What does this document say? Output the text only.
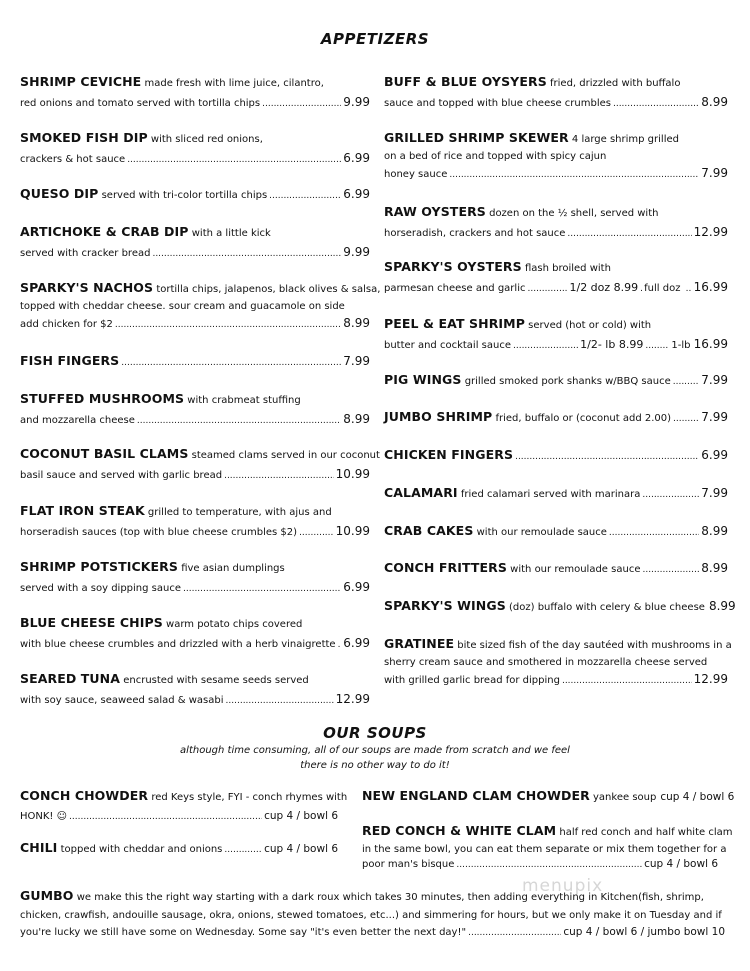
APPETIZERS
SHRIMP CEVICHE made fresh with lime juice, cilantro,
red onions and tomato served with tortilla chips .....	9.99
SMOKED FISH DIP with sliced red onions,
crackers & hot sauce .....	6.99
QUESO DIP
served with tri-color tortilla chips .....	6.99
ARTICHOKE & CRAB DIP with a little kick
served with cracker bread .....	9.99
SPARKY'S NACHOS tortilla chips, jalapenos, black olives & salsa,
topped with cheddar cheese. sour cream and guacamole on side
add chicken for $2 .....	8.99
FISH FINGERS .....	7.99
STUFFED MUSHROOMS with crabmeat stuffing
and mozzarella cheese .....	8.99
COCONUT BASIL CLAMS steamed clams served in our coconut
basil sauce and served with garlic bread .....	10.99
FLAT IRON STEAK grilled to temperature, with ajus and
horseradish sauces (top with blue cheese crumbles $2) .....	10.99
SHRIMP POTSTICKERS five asian dumplings
served with a soy dipping sauce .....	6.99
BLUE CHEESE CHIPS warm potato chips covered
with blue cheese crumbles and drizzled with a herb vinaigrette ..... 6.99
SEARED TUNA encrusted with sesame seeds served
with soy sauce, seaweed salad & wasabi .....	12.99
BUFF & BLUE OYSYERS fried, drizzled with buffalo
sauce and topped with blue cheese crumbles .....	8.99
GRILLED SHRIMP SKEWER 4 large shrimp grilled
on a bed of rice and topped with spicy cajun
honey sauce .....	7.99
RAW OYSTERS dozen on the ½ shell, served with
horseradish, crackers and hot sauce .....	12.99
SPARKY'S OYSTERS flash broiled with
parmesan cheese and garlic .....	1/2 doz 8.99 ..... full doz
..... 16.99
PEEL & EAT SHRIMP served (hot or cold) with
butter and cocktail sauce .....	1/2- lb 8.99 .....	1-lb
16.99
PIG WINGS
grilled smoked pork shanks w/BBQ sauce .....	7.99
JUMBO SHRIMP
fried, buffalo or (coconut add 2.00) .....	7.99
CHICKEN FINGERS .....	6.99
CALAMARI
fried calamari served with marinara .....	7.99
CRAB CAKES
with our remoulade sauce .....	8.99
CONCH FRITTERS
with our remoulade sauce .....	8.99
SPARKY'S WINGS
(doz) buffalo with celery & blue cheese 8.99
GRATINEE bite sized fish of the day sautéed with mushrooms in a
sherry cream sauce and smothered in mozzarella cheese served
with grilled garlic bread for dipping .....	12.99
OUR SOUPS
although time consuming, all of our soups are made from scratch and we feel
there is no other way to do it!
CONCH CHOWDER red Keys style, FYI - conch rhymes with
HONK! ☺ .....	cup 4 / bowl 6
CHILI
topped with cheddar and onions .....	cup 4 / bowl 6
NEW ENGLAND CLAM CHOWDER
yankee soup cup 4 / bowl 6
RED CONCH & WHITE CLAM half red conch and half white clam
in the same bowl, you can eat them separate or mix them together for a
poor man's bisque .....	cup 4 / bowl 6
GUMBO we make this the right way starting with a dark roux which takes 30 minutes, then adding everything in Kitchen(fish, shrimp,
chicken, crawfish, andouille sausage, okra, onions, stewed tomatoes, etc...) and simmering for hours, but we only make it on Tuesday and if
you're lucky we still have some on Wednesday. Some say "it's even better the next day!" .....	cup 4 / bowl 6 / jumbo bowl 10
menupix
